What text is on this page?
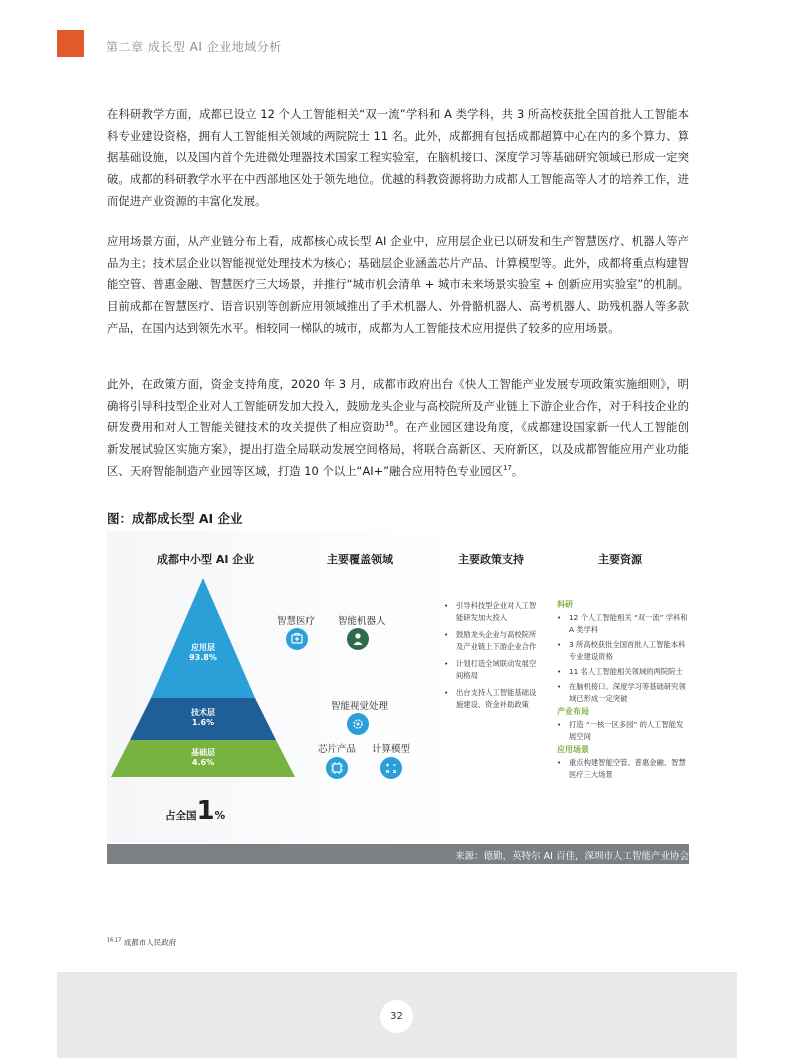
第二章 成长型 AI 企业地域分析

在科研教学方面，成都已设立 12 个人工智能相关“双一流”学科和 A 类学科，共 3 所高校获批全国首批人工智能本科专业建设资格，拥有人工智能相关领域的两院院士 11 名。此外，成都拥有包括成都超算中心在内的多个算力、算据基础设施，以及国内首个先进微处理器技术国家工程实验室，在脑机接口、深度学习等基础研究领域已形成一定突破。成都的科研教学水平在中西部地区处于领先地位。优越的科教资源将助力成都人工智能高等人才的培养工作，进而促进产业资源的丰富化发展。

应用场景方面，从产业链分布上看，成都核心成长型 AI 企业中，应用层企业已以研发和生产智慧医疗、机器人等产品为主；技术层企业以智能视觉处理技术为核心；基础层企业涵盖芯片产品、计算模型等。此外，成都将重点构建智能空管、普惠金融、智慧医疗三大场景，并推行“城市机会清单 + 城市未来场景实验室 + 创新应用实验室”的机制。目前成都在智慧医疗、语音识别等创新应用领域推出了手术机器人、外骨骼机器人、高考机器人、助残机器人等多款产品，在国内达到领先水平。相较同一梯队的城市，成都为人工智能技术应用提供了较多的应用场景。

此外，在政策方面，资金支持角度，2020 年 3 月，成都市政府出台《快人工智能产业发展专项政策实施细则》，明确将引导科技型企业对人工智能研发加大投入，鼓励龙头企业与高校院所及产业链上下游企业合作，对于科技企业的研发费用和对人工智能关键技术的攻关提供了相应资助$^{16}$。在产业园区建设角度，《成都建设国家新一代人工智能创新发展试验区实施方案》，提出打造全局联动发展空间格局，将联合高新区、天府新区，以及成都智能应用产业功能区、天府智能制造产业园等区域，打造 10 个以上“AI+”融合应用特色专业园区$^{17}$。

图：成都成长型 AI 企业
成都中小型 AI 企业	主要覆盖领域	主要政策支持	主要资源
应用层
93.8%
技术层
1.6%
基础层
4.6%
占全国1%
智慧医疗 智能机器人
智能视觉处理
芯片产品 计算模型
• 引导科技型企业对人工智能研发加大投入
• 鼓励龙头企业与高校院所及产业链上下游企业合作
• 计划打造全域联动发展空间格局
• 出台支持人工智能基础设施建设、资金补助政策
科研
• 12 个人工智能相关 “双一流” 学科和 A 类学科
• 3 所高校获批全国首批人工智能本科专业建设资格
• 11 名人工智能相关领域的两院院士
• 在脑机接口、深度学习等基础研究领域已形成一定突破
产业布局
• 打造 “一核一区多园” 的人工智能发展空间
应用场景
• 重点构建智能空管、普惠金融、智慧医疗三大场景
来源：德勤，英特尔 AI 百佳，深圳市人工智能产业协会
$^{16,17}$ 成都市人民政府
32
